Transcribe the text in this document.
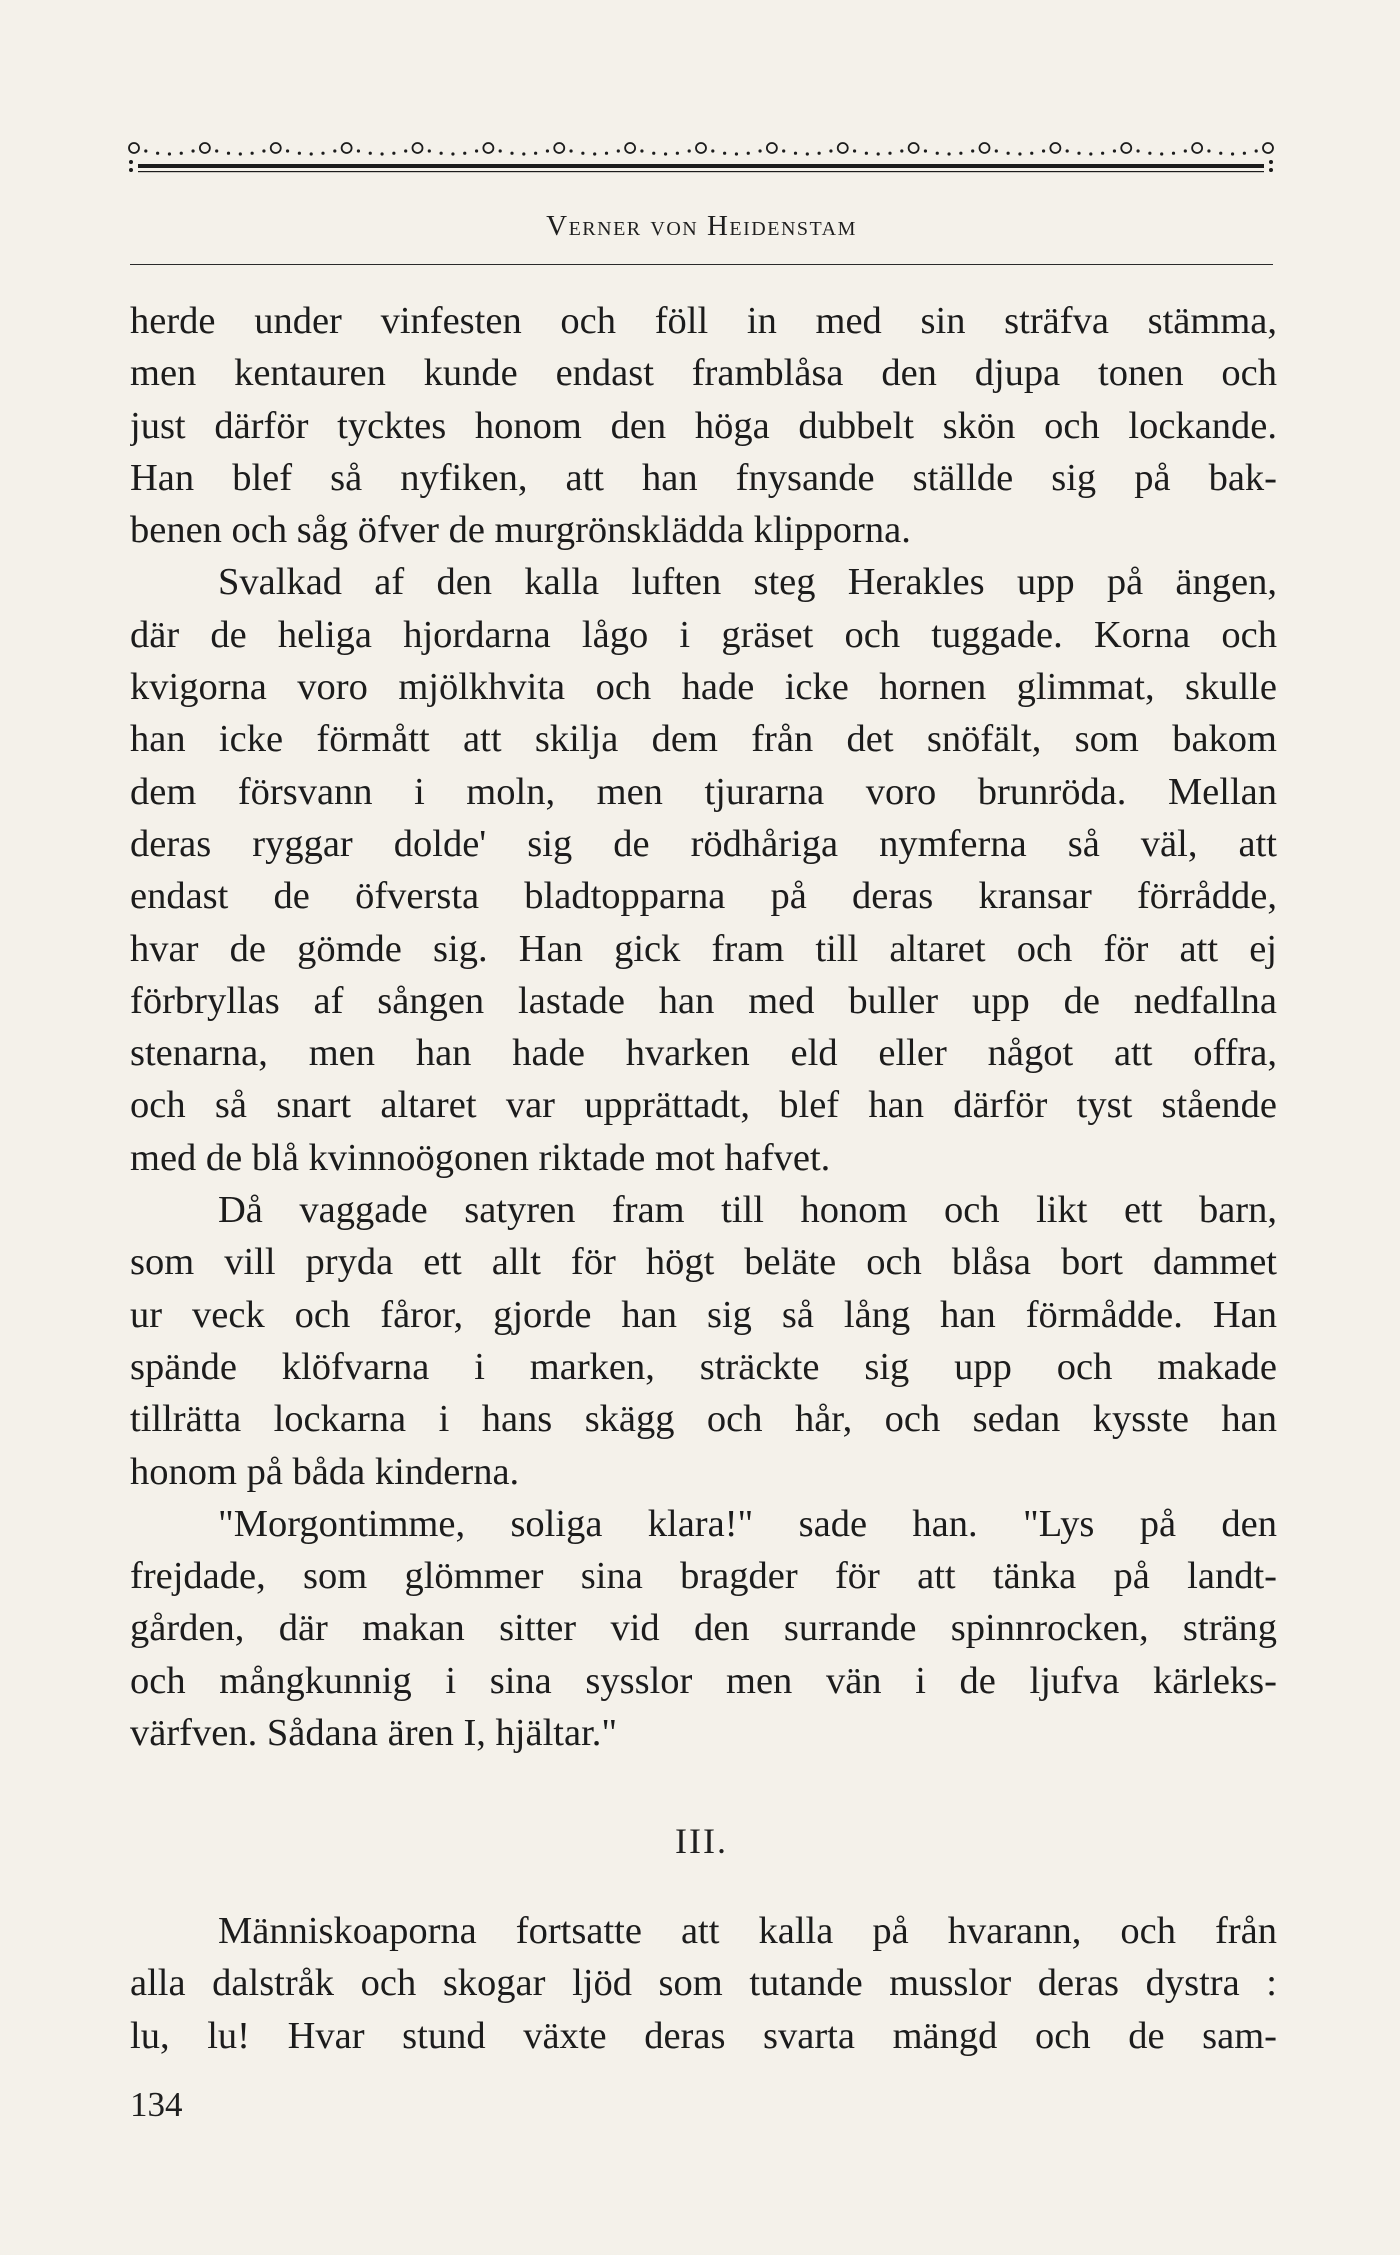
Verner von Heidenstam
herde under vinfesten och föll in med sin sträfva stämma,
men kentauren kunde endast framblåsa den djupa tonen och
just därför tycktes honom den höga dubbelt skön och lockande.
Han blef så nyfiken, att han fnysande ställde sig på bak-
benen och såg öfver de murgrönsklädda klipporna.
Svalkad af den kalla luften steg Herakles upp på ängen,
där de heliga hjordarna lågo i gräset och tuggade. Korna och
kvigorna voro mjölkhvita och hade icke hornen glimmat, skulle
han icke förmått att skilja dem från det snöfält, som bakom
dem försvann i moln, men tjurarna voro brunröda. Mellan
deras ryggar dolde' sig de rödhåriga nymferna så väl, att
endast de öfversta bladtopparna på deras kransar förrådde,
hvar de gömde sig. Han gick fram till altaret och för att ej
förbryllas af sången lastade han med buller upp de nedfallna
stenarna, men han hade hvarken eld eller något att offra,
och så snart altaret var upprättadt, blef han därför tyst stående
med de blå kvinnoögonen riktade mot hafvet.
Då vaggade satyren fram till honom och likt ett barn,
som vill pryda ett allt för högt beläte och blåsa bort dammet
ur veck och fåror, gjorde han sig så lång han förmådde. Han
spände klöfvarna i marken, sträckte sig upp och makade
tillrätta lockarna i hans skägg och hår, och sedan kysste han
honom på båda kinderna.
"Morgontimme, soliga klara!" sade han. "Lys på den
frejdade, som glömmer sina bragder för att tänka på landt-
gården, där makan sitter vid den surrande spinnrocken, sträng
och mångkunnig i sina sysslor men vän i de ljufva kärleks-
värfven. Sådana ären I, hjältar."
III.
Människoaporna fortsatte att kalla på hvarann, och från
alla dalstråk och skogar ljöd som tutande musslor deras dystra :
lu, lu! Hvar stund växte deras svarta mängd och de sam-
134
